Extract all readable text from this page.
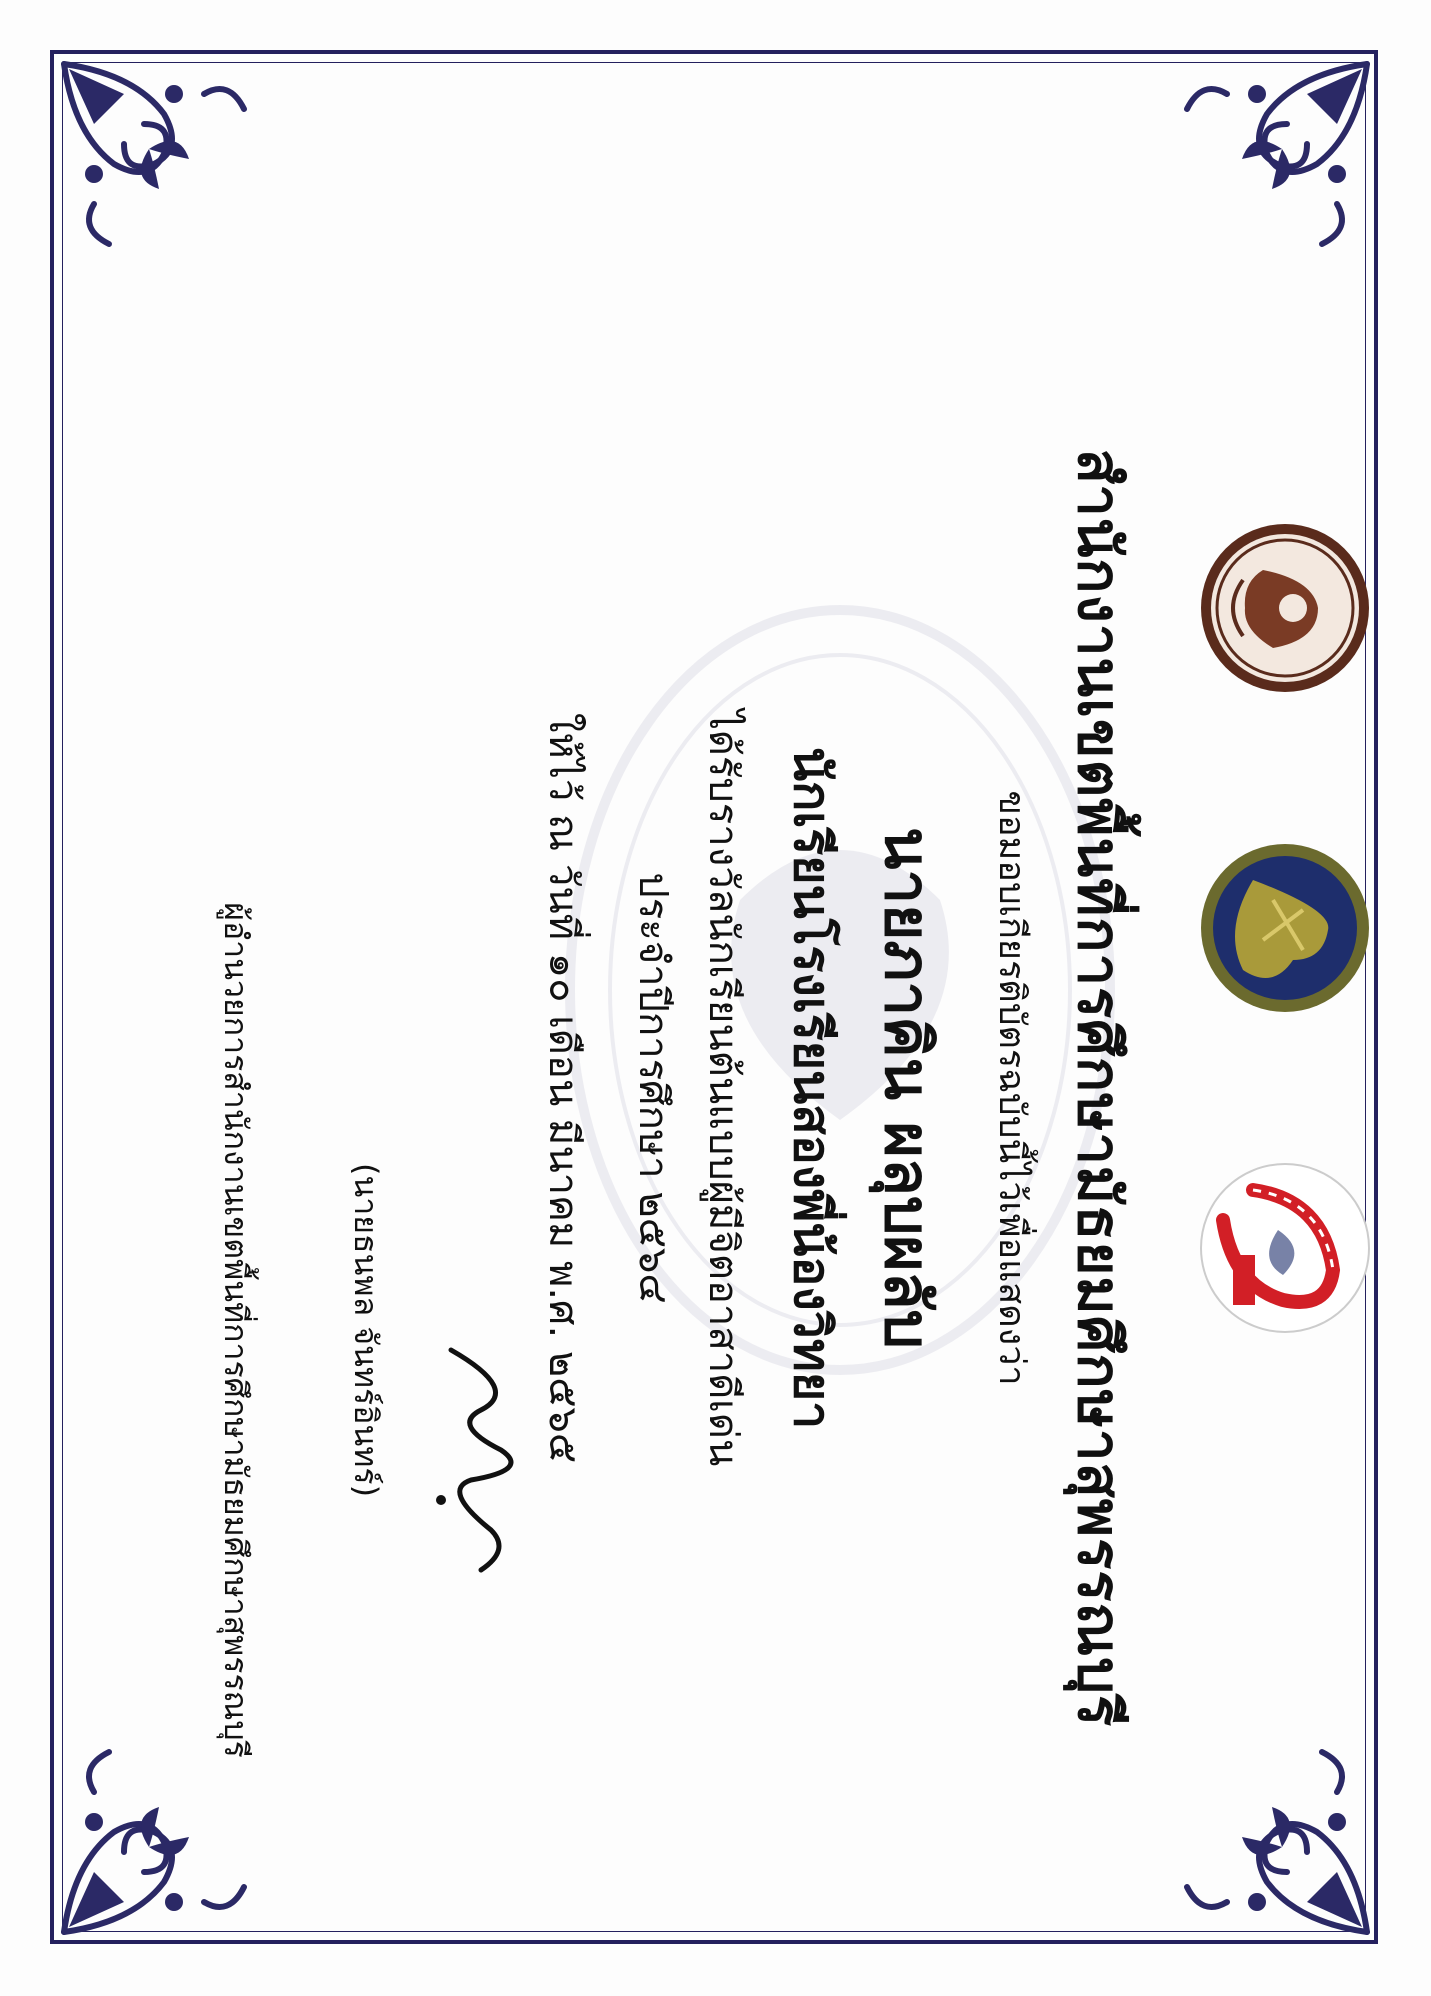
สำนักงานเขตพื้นที่การศึกษามัธยมศึกษาสุพรรณบุรี
ขอมอบเกียรติบัตรฉบับนี้ไว้เพื่อแสดงว่า
นายภาคิน ผลุบผลับ
นักเรียนโรงเรียนสองพี่น้องวิทยา
ได้รับรางวัลนักเรียนต้นแบบผู้มีจิตอาสาดีเด่น
ประจำปีการศึกษา ๒๕๖๔
ให้ไว้ ณ วันที่ ๑๐ เดือน มีนาคม พ.ศ. ๒๕๖๕
(นายธนพล จันทร์อินทร์)
ผู้อำนวยการสำนักงานเขตพื้นที่การศึกษามัธยมศึกษาสุพรรณบุรี
